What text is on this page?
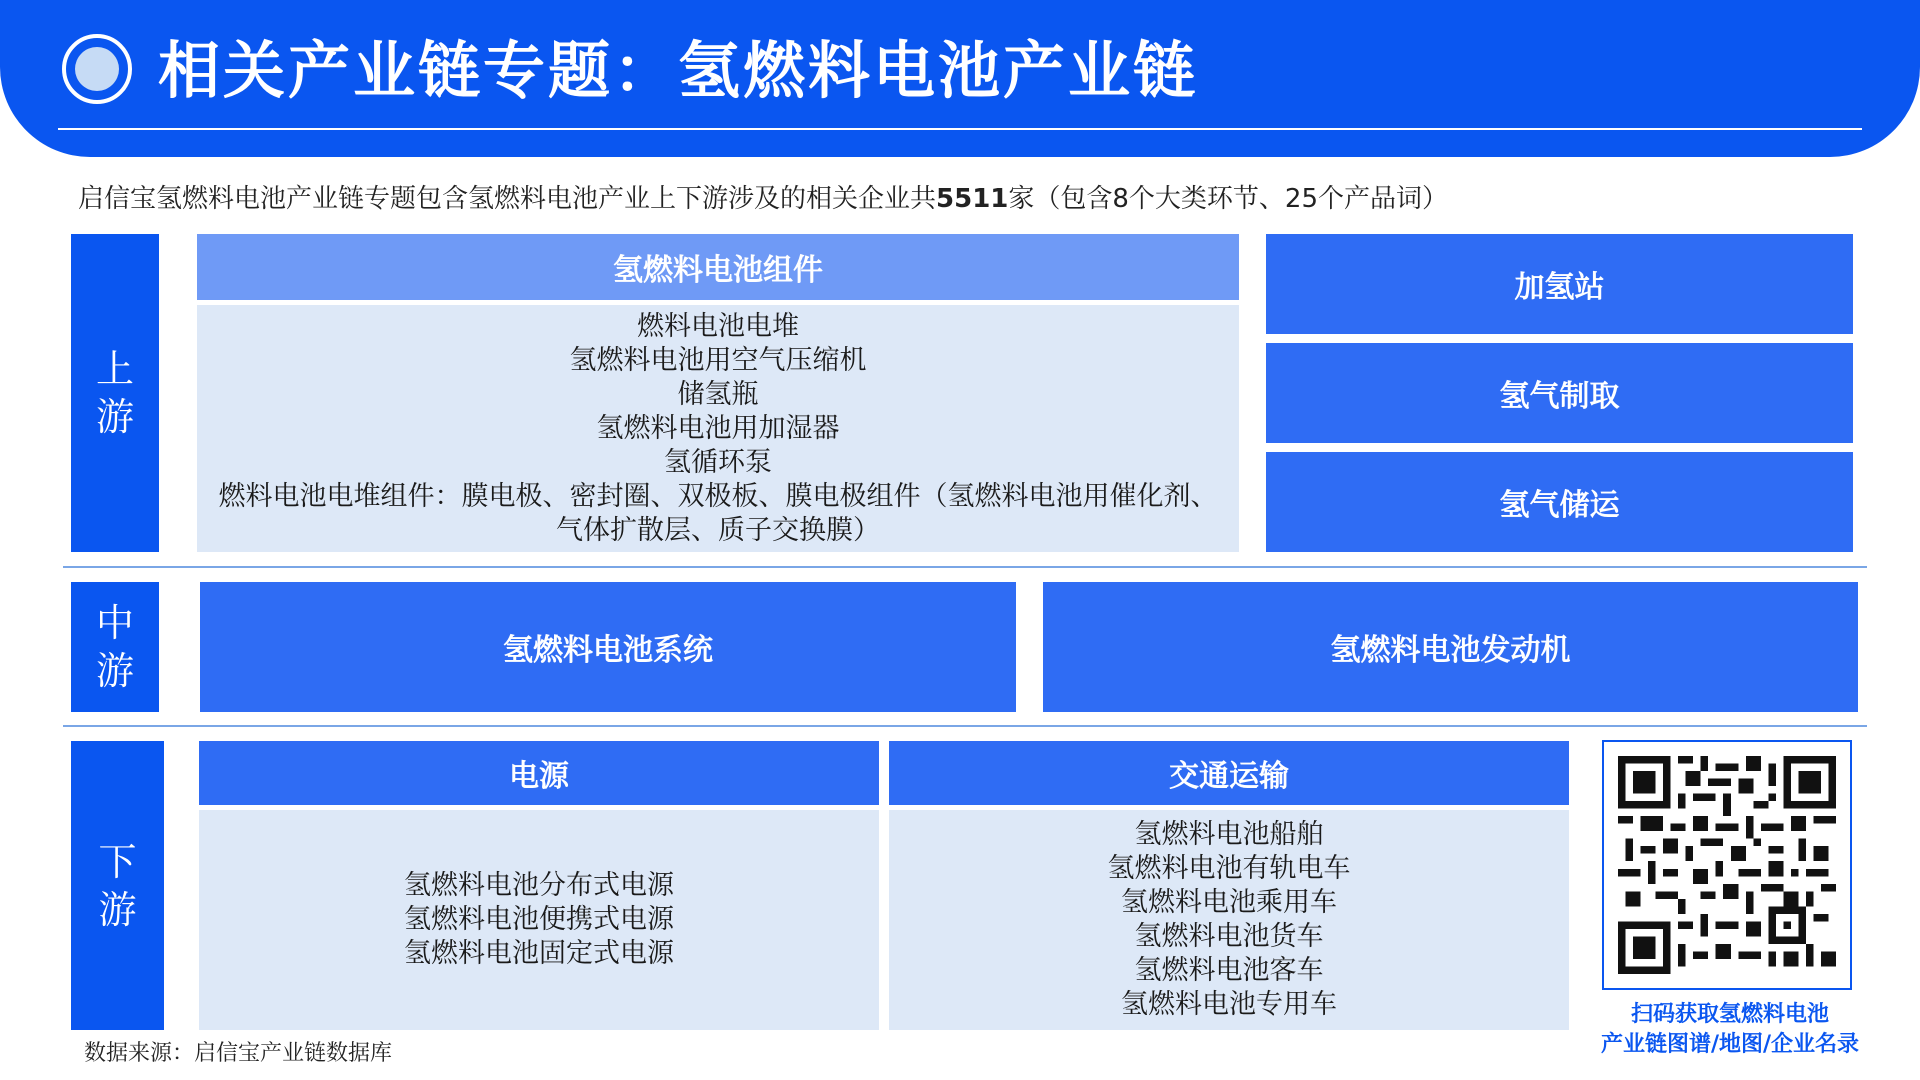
相关产业链专题：氢燃料电池产业链
启信宝氢燃料电池产业链专题包含氢燃料电池产业上下游涉及的相关企业共5511家（包含8个大类环节、25个产品词）
上游
氢燃料电池组件
燃料电池电堆
氢燃料电池用空气压缩机
储氢瓶
氢燃料电池用加湿器
氢循环泵
燃料电池电堆组件：膜电极、密封圈、双极板、膜电极组件（氢燃料电池用催化剂、
气体扩散层、质子交换膜）
加氢站
氢气制取
氢气储运
中游	氢燃料电池系统	氢燃料电池发动机
下游
电源
氢燃料电池分布式电源
氢燃料电池便携式电源
氢燃料电池固定式电源
交通运输
氢燃料电池船舶
氢燃料电池有轨电车
氢燃料电池乘用车
氢燃料电池货车
氢燃料电池客车
氢燃料电池专用车	扫码获取氢燃料电池
产业链图谱/地图/企业名录
数据来源：启信宝产业链数据库
